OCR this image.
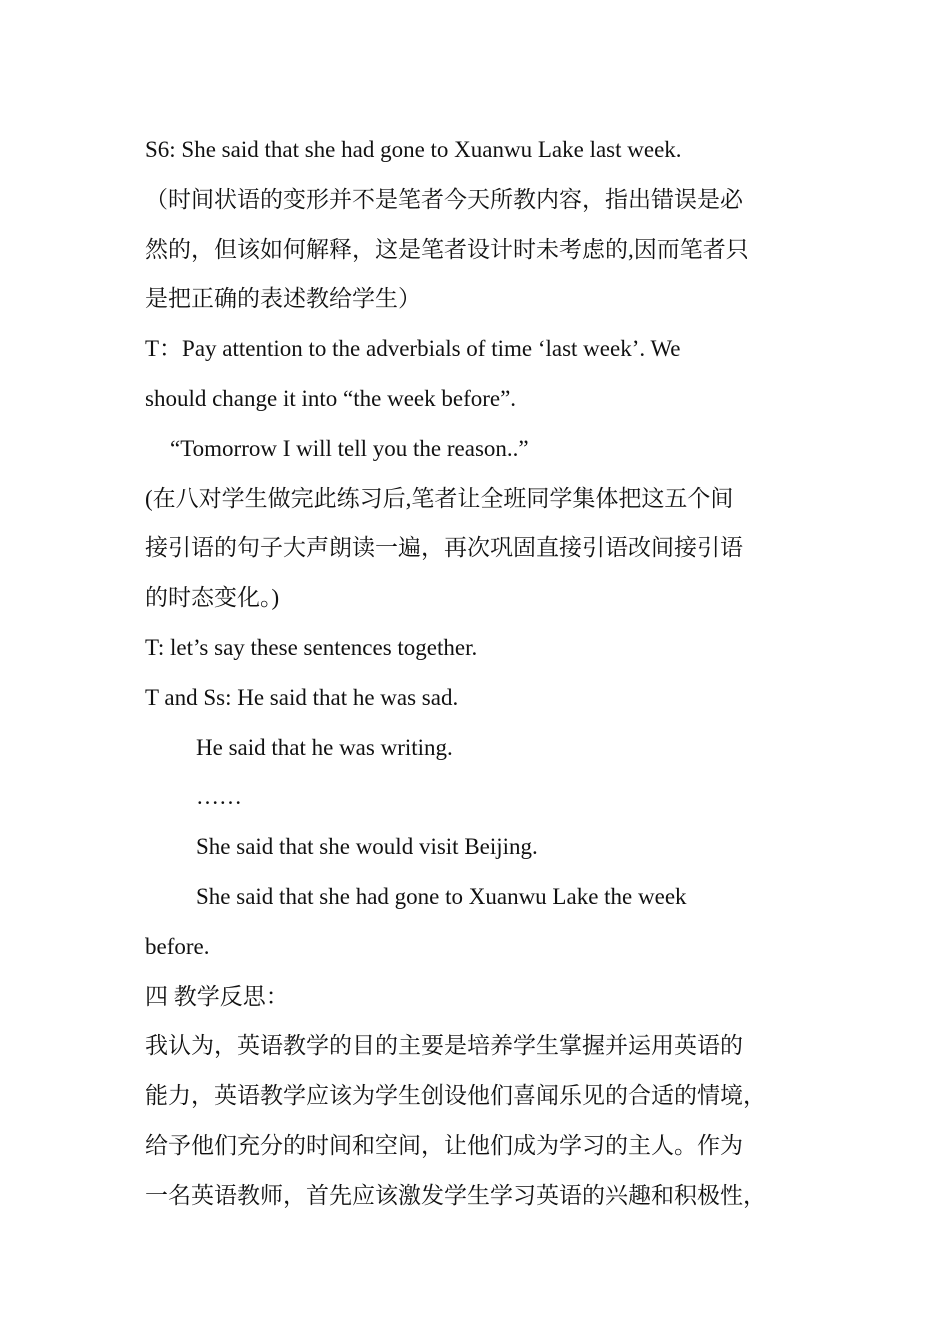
S6: She said that she had gone to Xuanwu Lake last week.
（时间状语的变形并不是笔者今天所教内容，指出错误是必
然的，但该如何解释，这是笔者设计时未考虑的,因而笔者只
是把正确的表述教给学生）
T：Pay attention to the adverbials of time ‘last week’. We
should change it into “the week before”.
“Tomorrow I will tell you the reason..”
(在八对学生做完此练习后,笔者让全班同学集体把这五个间
接引语的句子大声朗读一遍，再次巩固直接引语改间接引语
的时态变化。)
T: let’s say these sentences together.
T and Ss: He said that he was sad.
He said that he was writing.
……
She said that she would visit Beijing.
She said that she had gone to Xuanwu Lake the week
before.
四 教学反思：
我认为，英语教学的目的主要是培养学生掌握并运用英语的
能力，英语教学应该为学生创设他们喜闻乐见的合适的情境，
给予他们充分的时间和空间，让他们成为学习的主人。作为
一名英语教师，首先应该激发学生学习英语的兴趣和积极性，
